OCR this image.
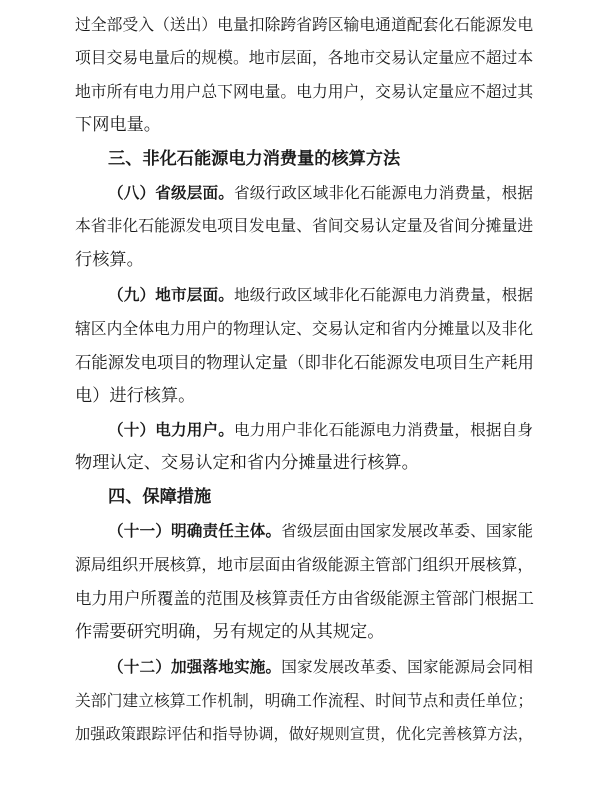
过全部受入（送出）电量扣除跨省跨区输电通道配套化石能源发电
项目交易电量后的规模。地市层面，各地市交易认定量应不超过本
地市所有电力用户总下网电量。电力用户，交易认定量应不超过其
下网电量。
三、非化石能源电力消费量的核算方法
（八）省级层面。省级行政区域非化石能源电力消费量，根据
本省非化石能源发电项目发电量、省间交易认定量及省间分摊量进
行核算。
（九）地市层面。地级行政区域非化石能源电力消费量，根据
辖区内全体电力用户的物理认定、交易认定和省内分摊量以及非化
石能源发电项目的物理认定量（即非化石能源发电项目生产耗用
电）进行核算。
（十）电力用户。电力用户非化石能源电力消费量，根据自身
物理认定、交易认定和省内分摊量进行核算。
四、保障措施
（十一）明确责任主体。省级层面由国家发展改革委、国家能
源局组织开展核算，地市层面由省级能源主管部门组织开展核算，
电力用户所覆盖的范围及核算责任方由省级能源主管部门根据工
作需要研究明确，另有规定的从其规定。
（十二）加强落地实施。国家发展改革委、国家能源局会同相
关部门建立核算工作机制，明确工作流程、时间节点和责任单位；
加强政策跟踪评估和指导协调，做好规则宣贯，优化完善核算方法，
